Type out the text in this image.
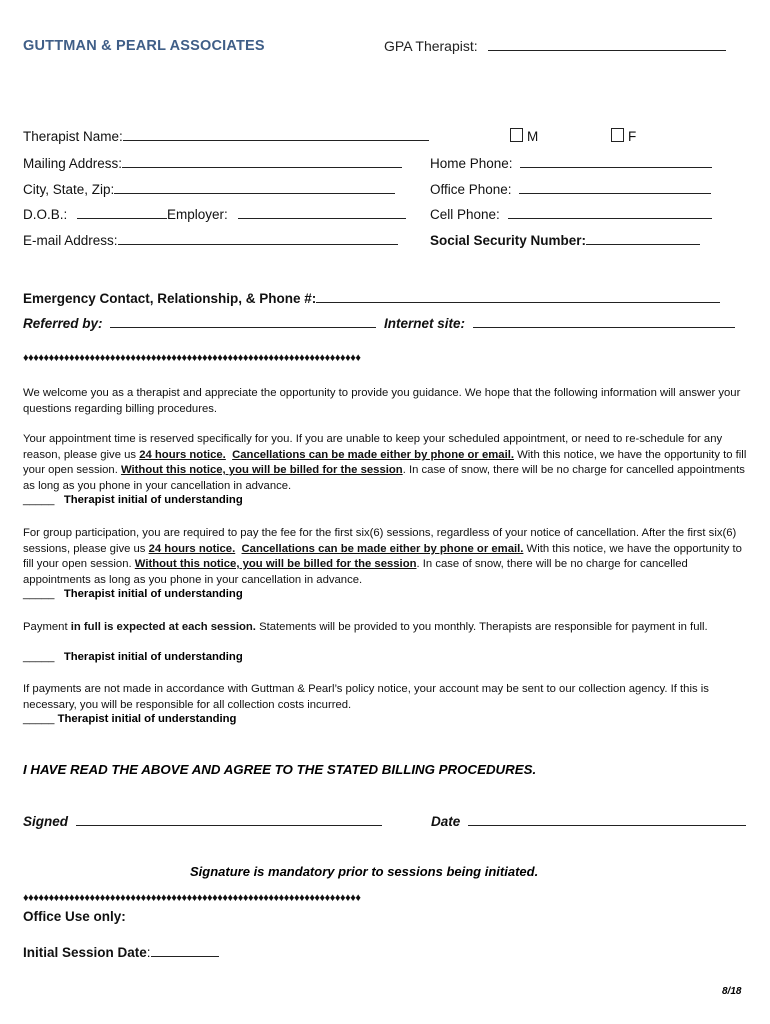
GUTTMAN & PEARL ASSOCIATES	GPA Therapist:
Therapist Name:	M	F
Mailing Address:	Home Phone:
City, State, Zip:	Office Phone:
D.O.B.:	Employer:	Cell Phone:
E-mail Address:	Social Security Number:
Emergency Contact, Relationship, & Phone #:
Referred by:	Internet site:
♦♦♦♦♦♦♦♦♦♦♦♦♦♦♦♦♦♦♦♦♦♦♦♦♦♦♦♦♦♦♦♦♦♦♦♦♦♦♦♦♦♦♦♦♦♦♦♦♦♦♦♦♦♦♦♦♦♦♦♦♦♦♦♦♦♦
We welcome you as a therapist and appreciate the opportunity to provide you guidance. We hope that the following information will answer your questions regarding billing procedures.
Your appointment time is reserved specifically for you. If you are unable to keep your scheduled appointment, or need to re-schedule for any reason, please give us 24 hours notice. Cancellations can be made either by phone or email. With this notice, we have the opportunity to fill your open session. Without this notice, you will be billed for the session. In case of snow, there will be no charge for cancelled appointments as long as you phone in your cancellation in advance.
_____ Therapist initial of understanding
For group participation, you are required to pay the fee for the first six(6) sessions, regardless of your notice of cancellation. After the first six(6) sessions, please give us 24 hours notice. Cancellations can be made either by phone or email. With this notice, we have the opportunity to fill your open session. Without this notice, you will be billed for the session. In case of snow, there will be no charge for cancelled appointments as long as you phone in your cancellation in advance.
_____ Therapist initial of understanding
Payment in full is expected at each session. Statements will be provided to you monthly. Therapists are responsible for payment in full.
_____ Therapist initial of understanding
If payments are not made in accordance with Guttman & Pearl’s policy notice, your account may be sent to our collection agency. If this is necessary, you will be responsible for all collection costs incurred.
_____ Therapist initial of understanding
I HAVE READ THE ABOVE AND AGREE TO THE STATED BILLING PROCEDURES.
Signed	Date
Signature is mandatory prior to sessions being initiated.
♦♦♦♦♦♦♦♦♦♦♦♦♦♦♦♦♦♦♦♦♦♦♦♦♦♦♦♦♦♦♦♦♦♦♦♦♦♦♦♦♦♦♦♦♦♦♦♦♦♦♦♦♦♦♦♦♦♦♦♦♦♦♦♦♦♦
Office Use only:
Initial Session Date:
8/18
